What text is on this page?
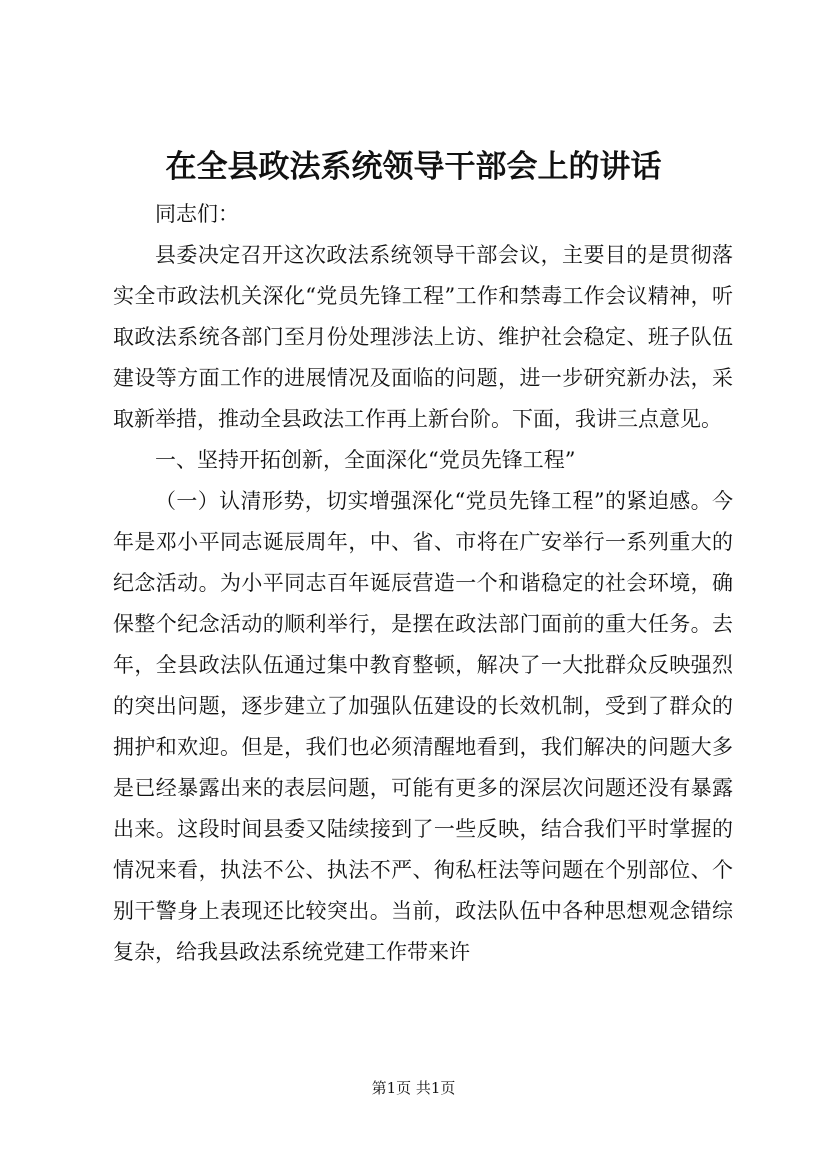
在全县政法系统领导干部会上的讲话

同志们：

县委决定召开这次政法系统领导干部会议，主要目的是贯彻落实全市政法机关深化“党员先锋工程”工作和禁毒工作会议精神，听取政法系统各部门至月份处理涉法上访、维护社会稳定、班子队伍建设等方面工作的进展情况及面临的问题，进一步研究新办法，采取新举措，推动全县政法工作再上新台阶。下面，我讲三点意见。

一、坚持开拓创新，全面深化“党员先锋工程”

（一）认清形势，切实增强深化“党员先锋工程”的紧迫感。今年是邓小平同志诞辰周年，中、省、市将在广安举行一系列重大的纪念活动。为小平同志百年诞辰营造一个和谐稳定的社会环境，确保整个纪念活动的顺利举行，是摆在政法部门面前的重大任务。去年，全县政法队伍通过集中教育整顿，解决了一大批群众反映强烈的突出问题，逐步建立了加强队伍建设的长效机制，受到了群众的拥护和欢迎。但是，我们也必须清醒地看到，我们解决的问题大多是已经暴露出来的表层问题，可能有更多的深层次问题还没有暴露出来。这段时间县委又陆续接到了一些反映，结合我们平时掌握的情况来看，执法不公、执法不严、徇私枉法等问题在个别部位、个别干警身上表现还比较突出。当前，政法队伍中各种思想观念错综复杂，给我县政法系统党建工作带来许

第1页 共1页
